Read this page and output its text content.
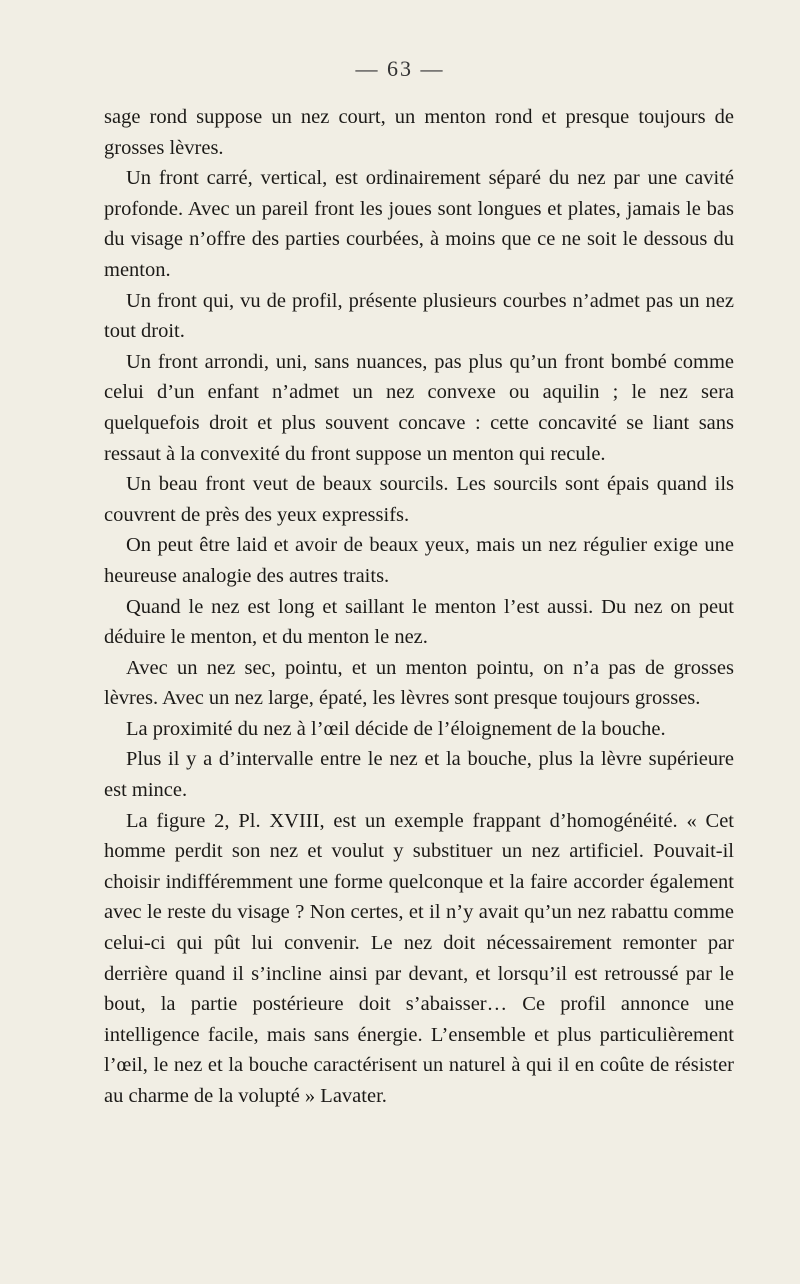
— 63 —

sage rond suppose un nez court, un menton rond et presque toujours de grosses lèvres.

Un front carré, vertical, est ordinairement séparé du nez par une cavité profonde. Avec un pareil front les joues sont longues et plates, jamais le bas du visage n’offre des parties courbées, à moins que ce ne soit le dessous du menton.

Un front qui, vu de profil, présente plusieurs courbes n’admet pas un nez tout droit.

Un front arrondi, uni, sans nuances, pas plus qu’un front bombé comme celui d’un enfant n’admet un nez convexe ou aquilin ; le nez sera quelquefois droit et plus souvent concave : cette concavité se liant sans ressaut à la convexité du front suppose un menton qui recule.

Un beau front veut de beaux sourcils. Les sourcils sont épais quand ils couvrent de près des yeux expressifs.

On peut être laid et avoir de beaux yeux, mais un nez régulier exige une heureuse analogie des autres traits.

Quand le nez est long et saillant le menton l’est aussi. Du nez on peut déduire le menton, et du menton le nez.

Avec un nez sec, pointu, et un menton pointu, on n’a pas de grosses lèvres. Avec un nez large, épaté, les lèvres sont presque toujours grosses.

La proximité du nez à l’œil décide de l’éloignement de la bouche.

Plus il y a d’intervalle entre le nez et la bouche, plus la lèvre supérieure est mince.

La figure 2, Pl. XVIII, est un exemple frappant d’homogénéité. « Cet homme perdit son nez et voulut y substituer un nez artificiel. Pouvait-il choisir indifféremment une forme quelconque et la faire accorder également avec le reste du visage ? Non certes, et il n’y avait qu’un nez rabattu comme celui-ci qui pût lui convenir. Le nez doit nécessairement remonter par derrière quand il s’incline ainsi par devant, et lorsqu’il est retroussé par le bout, la partie postérieure doit s’abaisser… Ce profil annonce une intelligence facile, mais sans énergie. L’ensemble et plus particulièrement l’œil, le nez et la bouche caractérisent un naturel à qui il en coûte de résister au charme de la volupté » Lavater.
